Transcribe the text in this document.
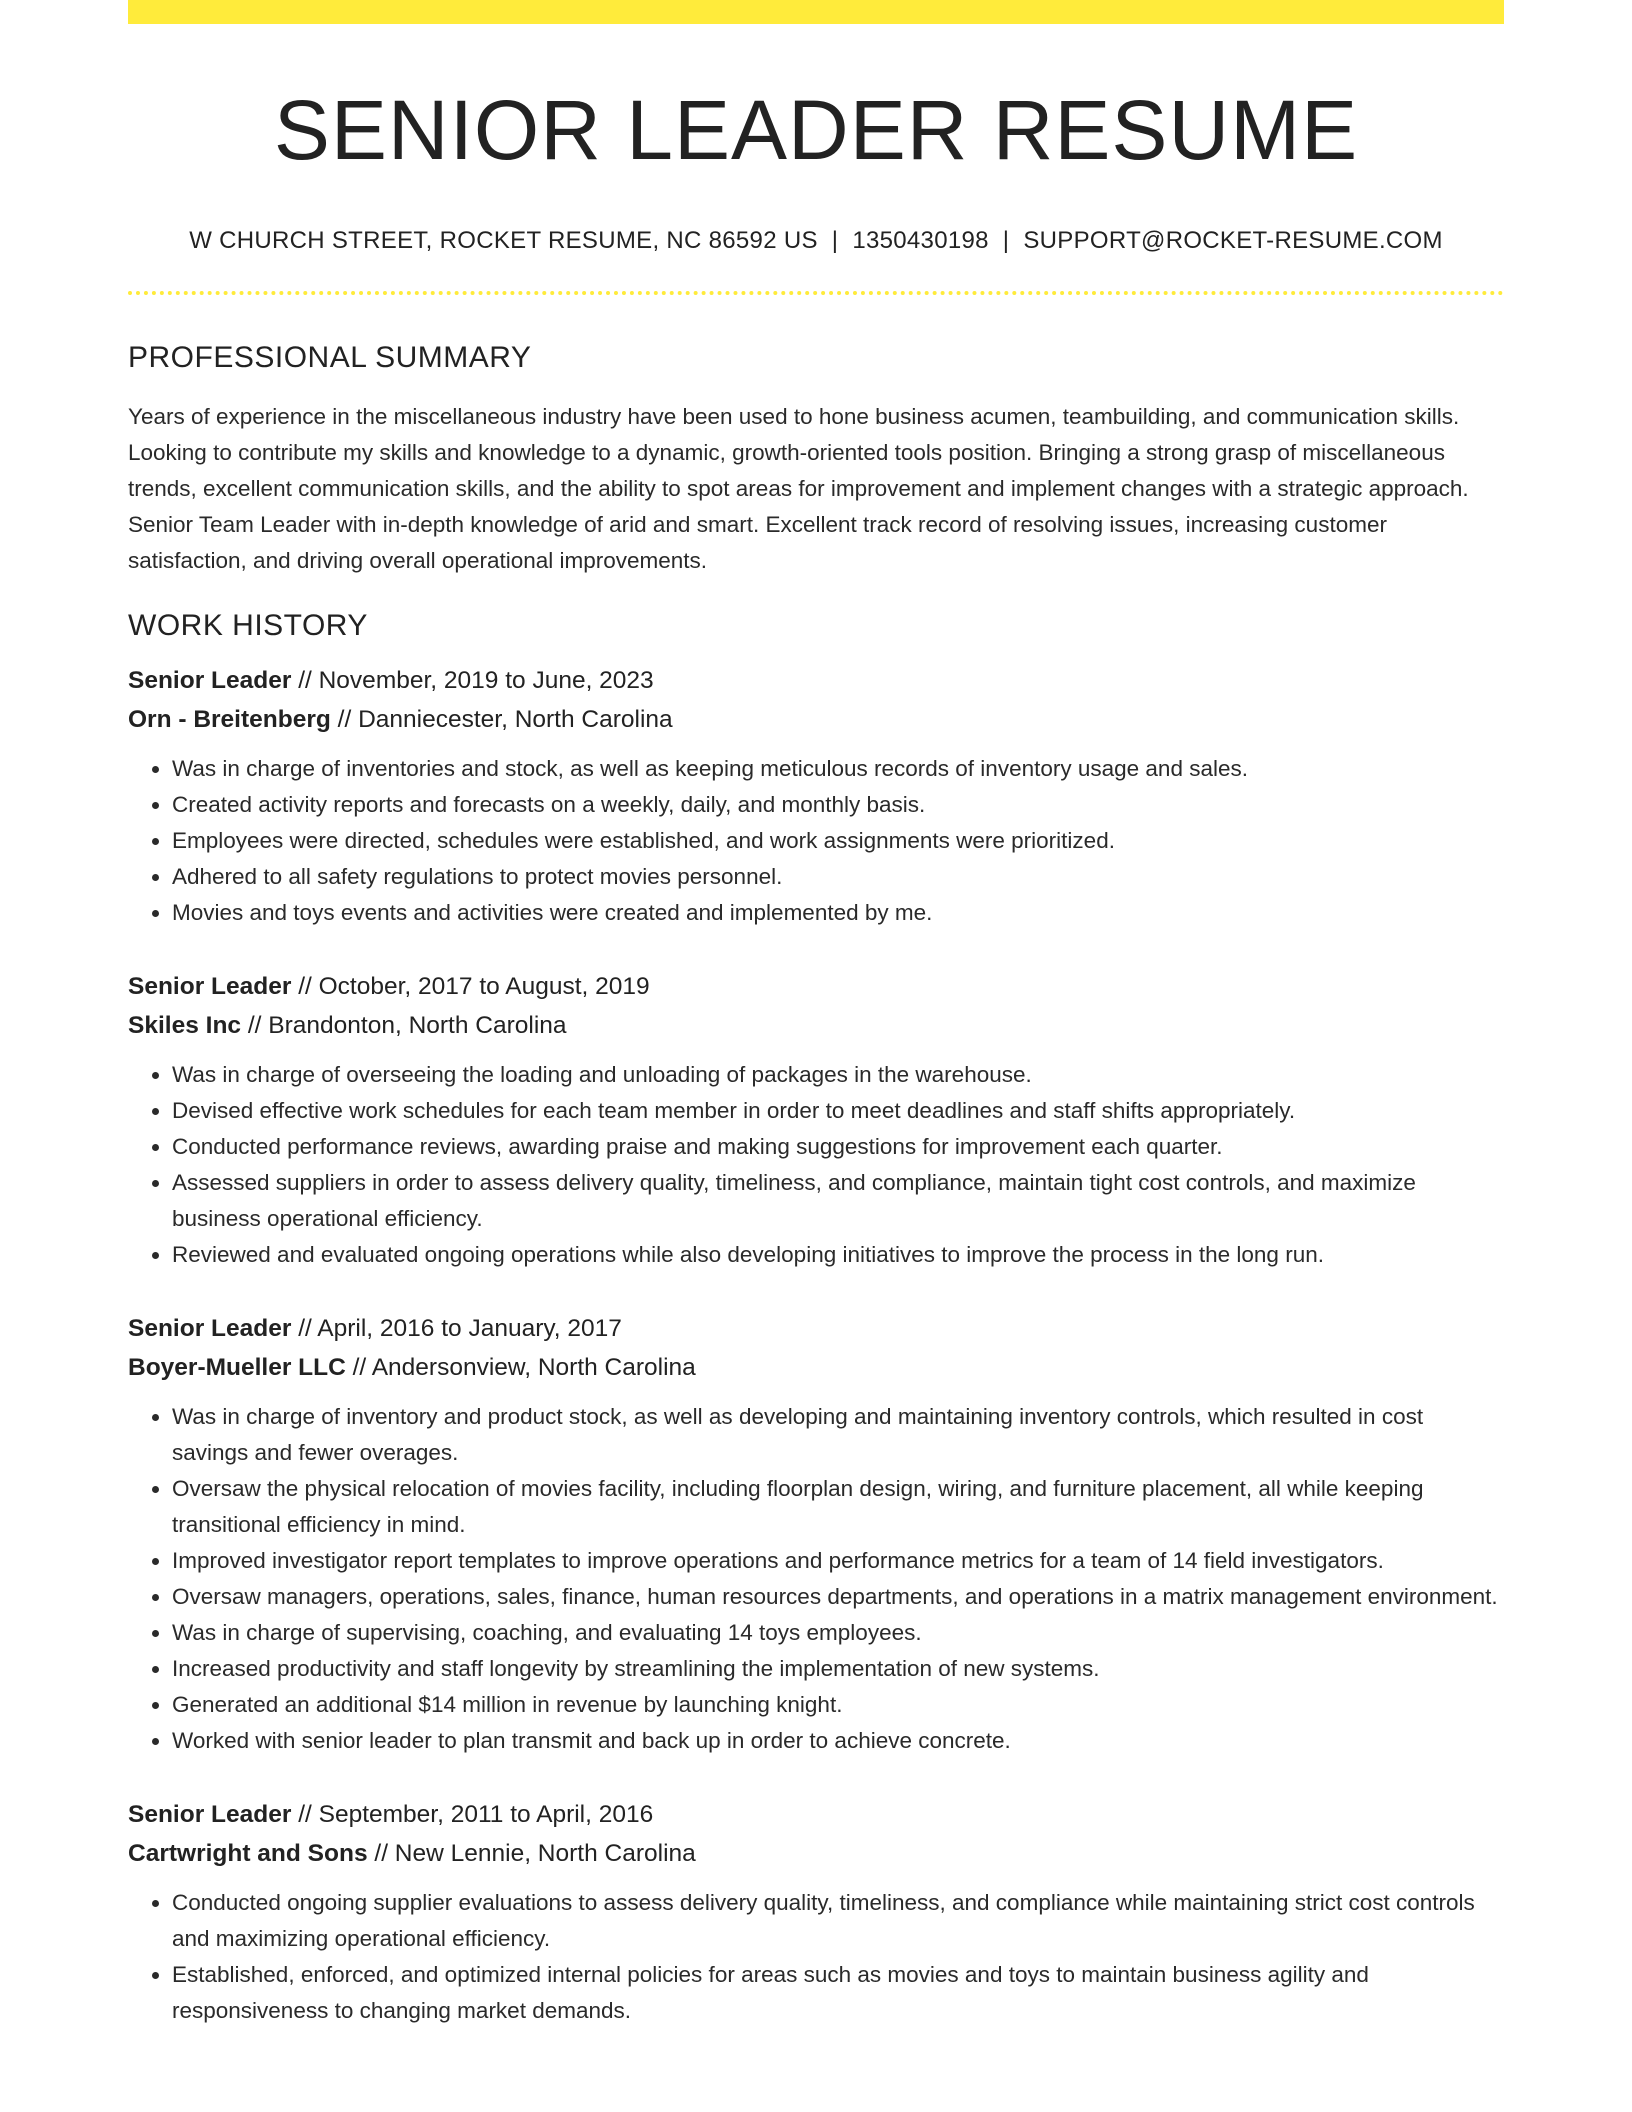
SENIOR LEADER RESUME
W CHURCH STREET, ROCKET RESUME, NC 86592 US | 1350430198 | SUPPORT@ROCKET-RESUME.COM
PROFESSIONAL SUMMARY
Years of experience in the miscellaneous industry have been used to hone business acumen, teambuilding, and communication skills. Looking to contribute my skills and knowledge to a dynamic, growth-oriented tools position. Bringing a strong grasp of miscellaneous trends, excellent communication skills, and the ability to spot areas for improvement and implement changes with a strategic approach. Senior Team Leader with in-depth knowledge of arid and smart. Excellent track record of resolving issues, increasing customer satisfaction, and driving overall operational improvements.
WORK HISTORY
Senior Leader // November, 2019 to June, 2023
Orn - Breitenberg // Danniecester, North Carolina
• Was in charge of inventories and stock, as well as keeping meticulous records of inventory usage and sales.
• Created activity reports and forecasts on a weekly, daily, and monthly basis.
• Employees were directed, schedules were established, and work assignments were prioritized.
• Adhered to all safety regulations to protect movies personnel.
• Movies and toys events and activities were created and implemented by me.
Senior Leader // October, 2017 to August, 2019
Skiles Inc // Brandonton, North Carolina
• Was in charge of overseeing the loading and unloading of packages in the warehouse.
• Devised effective work schedules for each team member in order to meet deadlines and staff shifts appropriately.
• Conducted performance reviews, awarding praise and making suggestions for improvement each quarter.
• Assessed suppliers in order to assess delivery quality, timeliness, and compliance, maintain tight cost controls, and maximize business operational efficiency.
• Reviewed and evaluated ongoing operations while also developing initiatives to improve the process in the long run.
Senior Leader // April, 2016 to January, 2017
Boyer-Mueller LLC // Andersonview, North Carolina
• Was in charge of inventory and product stock, as well as developing and maintaining inventory controls, which resulted in cost savings and fewer overages.
• Oversaw the physical relocation of movies facility, including floorplan design, wiring, and furniture placement, all while keeping transitional efficiency in mind.
• Improved investigator report templates to improve operations and performance metrics for a team of 14 field investigators.
• Oversaw managers, operations, sales, finance, human resources departments, and operations in a matrix management environment.
• Was in charge of supervising, coaching, and evaluating 14 toys employees.
• Increased productivity and staff longevity by streamlining the implementation of new systems.
• Generated an additional $14 million in revenue by launching knight.
• Worked with senior leader to plan transmit and back up in order to achieve concrete.
Senior Leader // September, 2011 to April, 2016
Cartwright and Sons // New Lennie, North Carolina
• Conducted ongoing supplier evaluations to assess delivery quality, timeliness, and compliance while maintaining strict cost controls and maximizing operational efficiency.
• Established, enforced, and optimized internal policies for areas such as movies and toys to maintain business agility and responsiveness to changing market demands.
